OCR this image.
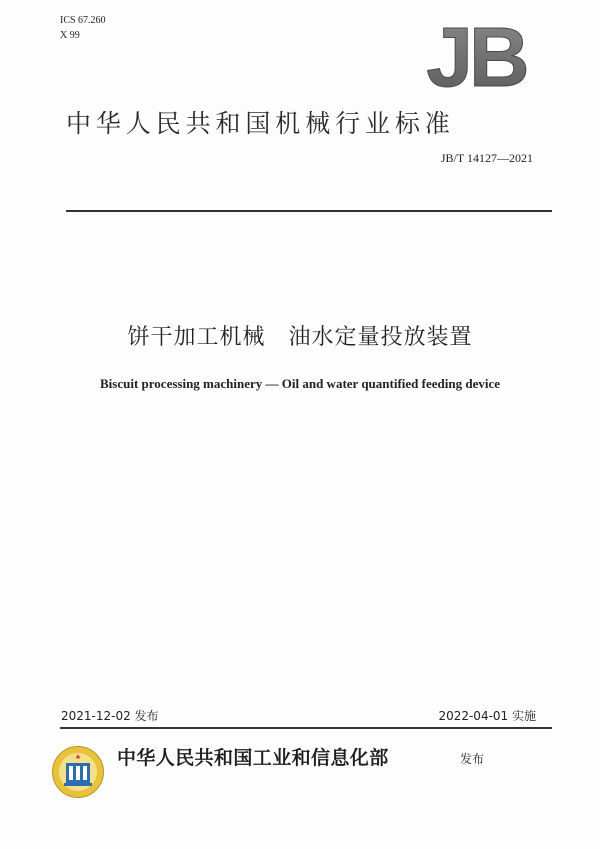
ICS 67.260
X 99	JB
中华人民共和国机械行业标准
JB/T 14127—2021
饼干加工机械　油水定量投放装置
Biscuit processing machinery — Oil and water quantified feeding device
2021-12-02 发布	2022-04-01 实施
中华人民共和国工业和信息化部	发布
